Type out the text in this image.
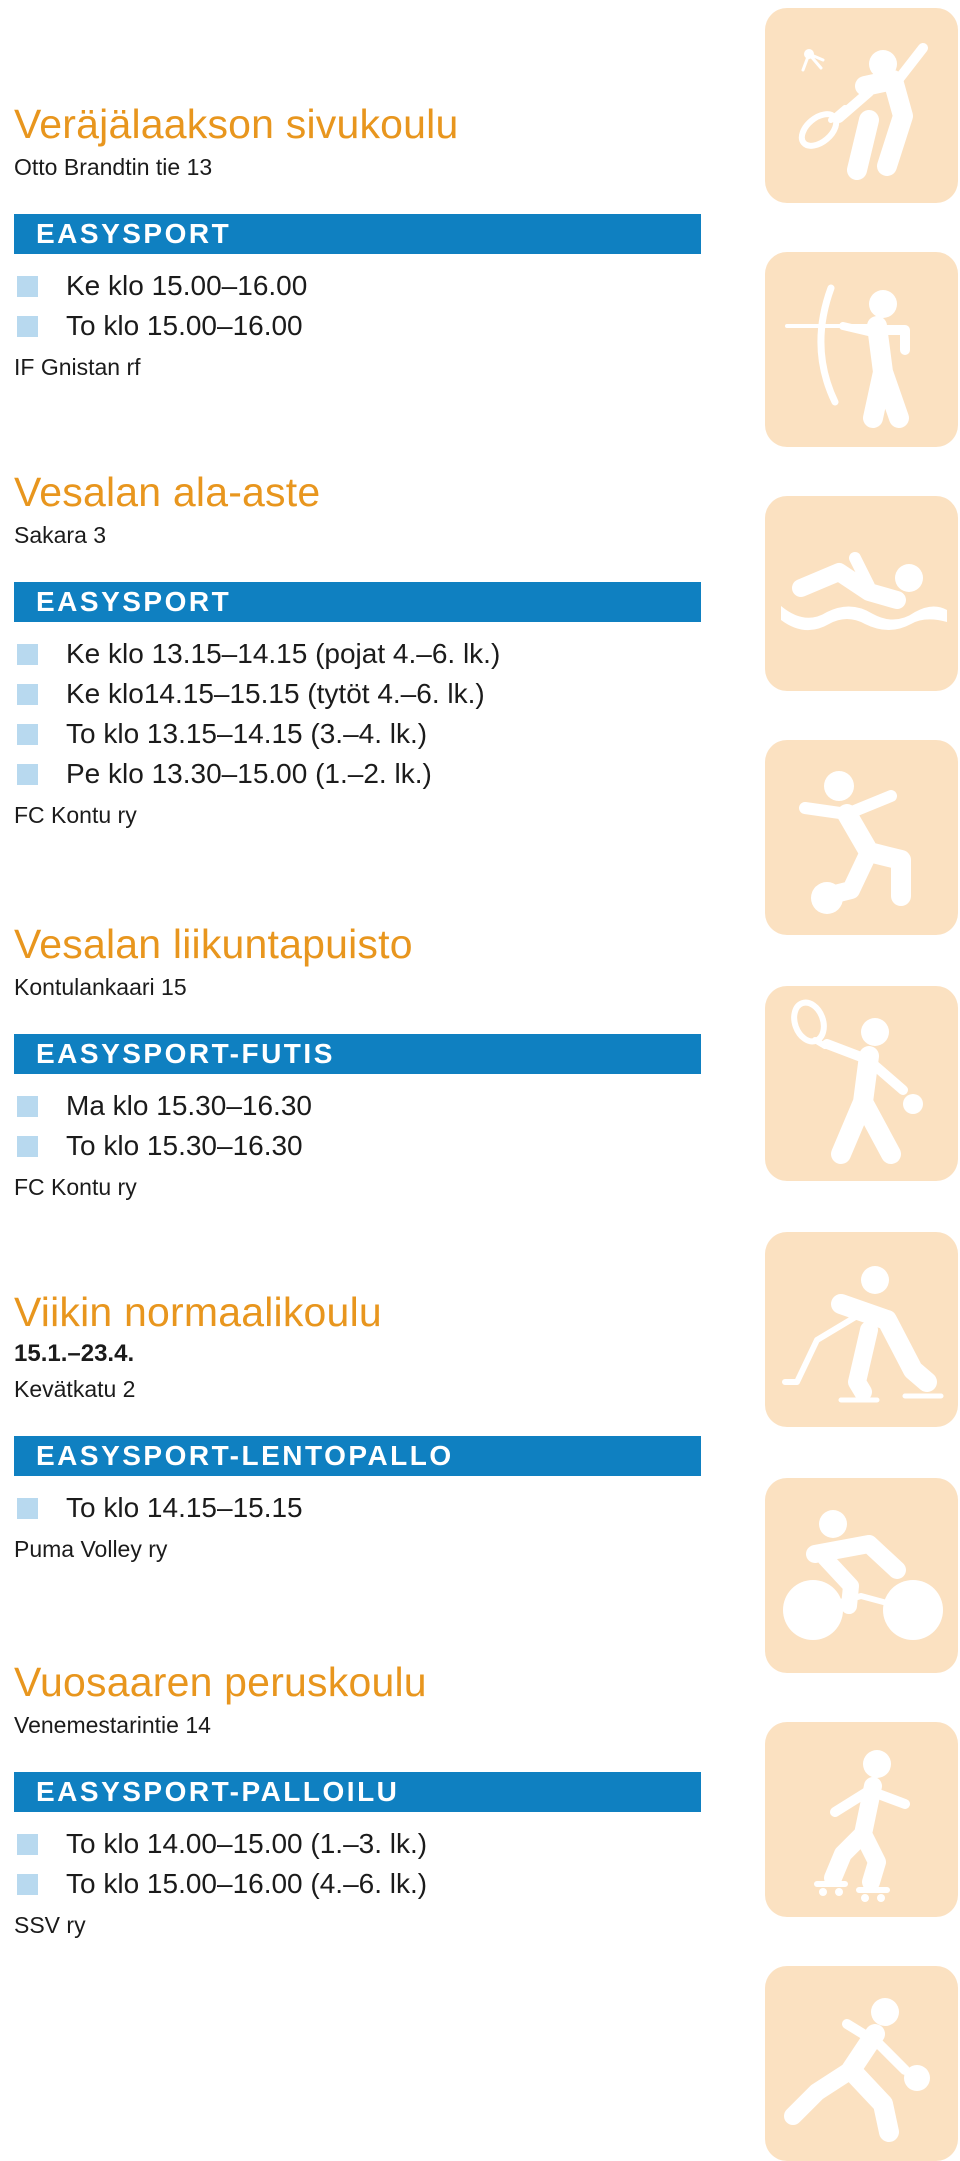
Veräjälaakson sivukoulu
Otto Brandtin tie 13
EASYSPORT
Ke klo 15.00–16.00
To klo 15.00–16.00
IF Gnistan rf
Vesalan ala-aste
Sakara 3
EASYSPORT
Ke klo 13.15–14.15 (pojat 4.–6. lk.)
Ke klo14.15–15.15 (tytöt 4.–6. lk.)
To klo 13.15–14.15 (3.–4. lk.)
Pe klo 13.30–15.00 (1.–2. lk.)
FC Kontu ry
Vesalan liikuntapuisto
Kontulankaari 15
EASYSPORT-FUTIS
Ma klo 15.30–16.30
To klo 15.30–16.30
FC Kontu ry
Viikin normaalikoulu
15.1.–23.4.
Kevätkatu 2
EASYSPORT-LENTOPALLO
To klo 14.15–15.15
Puma Volley ry
Vuosaaren peruskoulu
Venemestarintie 14
EASYSPORT-PALLOILU
To klo 14.00–15.00 (1.–3. lk.)
To klo 15.00–16.00 (4.–6. lk.)
SSV ry
